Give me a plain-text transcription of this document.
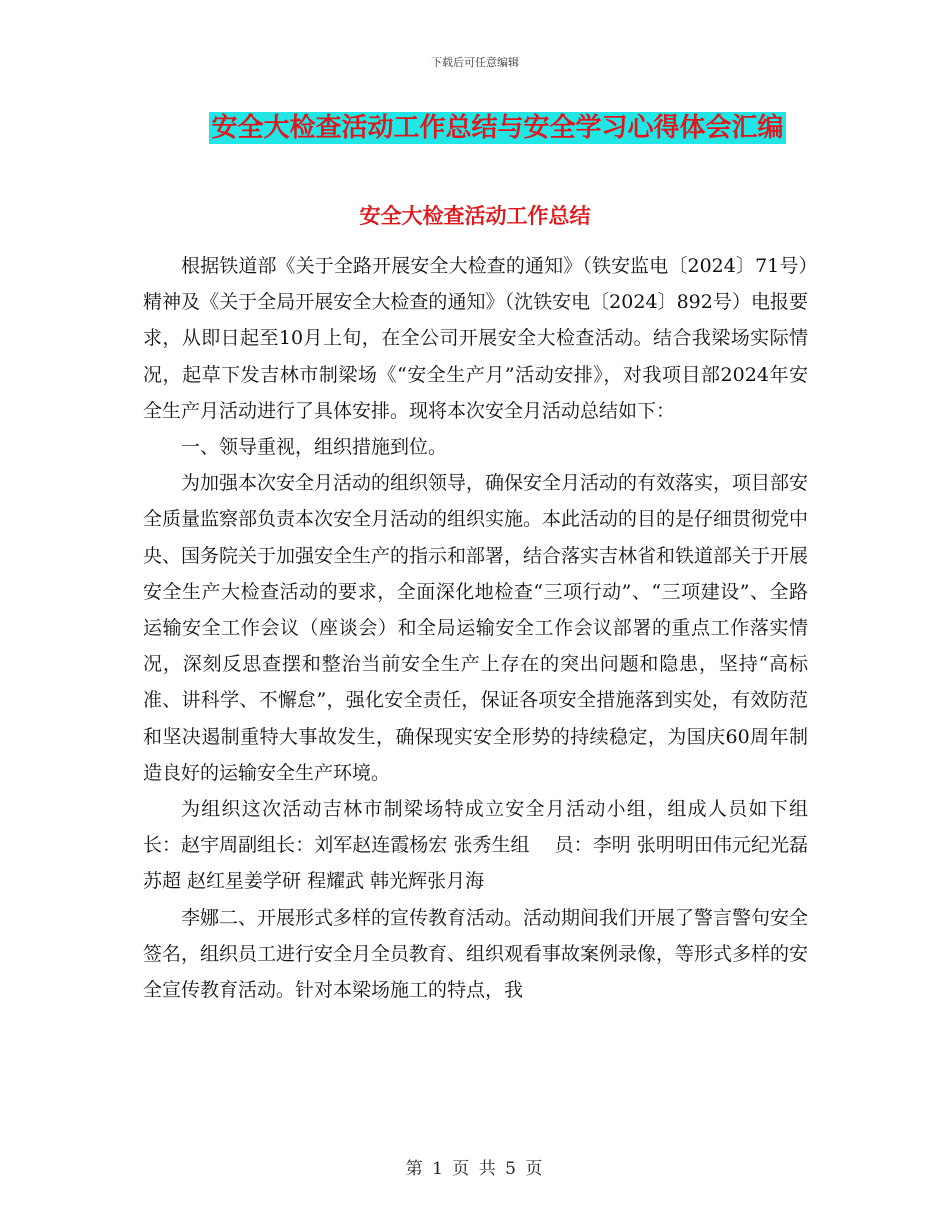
下载后可任意编辑
安全大检查活动工作总结与安全学习心得体会汇编
安全大检查活动工作总结

根据铁道部《关于全路开展安全大检查的通知》（铁安监电〔2024〕71号）精神及《关于全局开展安全大检查的通知》（沈铁安电〔2024〕892号）电报要求，从即日起至10月上旬，在全公司开展安全大检查活动。结合我梁场实际情况，起草下发吉林市制梁场《“安全生产月”活动安排》，对我项目部2024年安全生产月活动进行了具体安排。现将本次安全月活动总结如下：

一、领导重视，组织措施到位。

为加强本次安全月活动的组织领导，确保安全月活动的有效落实，项目部安全质量监察部负责本次安全月活动的组织实施。本此活动的目的是仔细贯彻党中央、国务院关于加强安全生产的指示和部署，结合落实吉林省和铁道部关于开展安全生产大检查活动的要求，全面深化地检查“三项行动”、“三项建设”、全路运输安全工作会议（座谈会）和全局运输安全工作会议部署的重点工作落实情况，深刻反思查摆和整治当前安全生产上存在的突出问题和隐患，坚持“高标准、讲科学、不懈怠”，强化安全责任，保证各项安全措施落到实处，有效防范和坚决遏制重特大事故发生，确保现实安全形势的持续稳定，为国庆60周年制造良好的运输安全生产环境。

为组织这次活动吉林市制梁场特成立安全月活动小组，组成人员如下组 长：赵宇周副组长：刘军赵连霞杨宏 张秀生组　 员：李明 张明明田伟元纪光磊苏超 赵红星姜学研 程耀武 韩光辉张月海

李娜二、开展形式多样的宣传教育活动。活动期间我们开展了警言警句安全签名，组织员工进行安全月全员教育、组织观看事故案例录像，等形式多样的安全宣传教育活动。针对本梁场施工的特点，我

第 1 页 共 5 页
